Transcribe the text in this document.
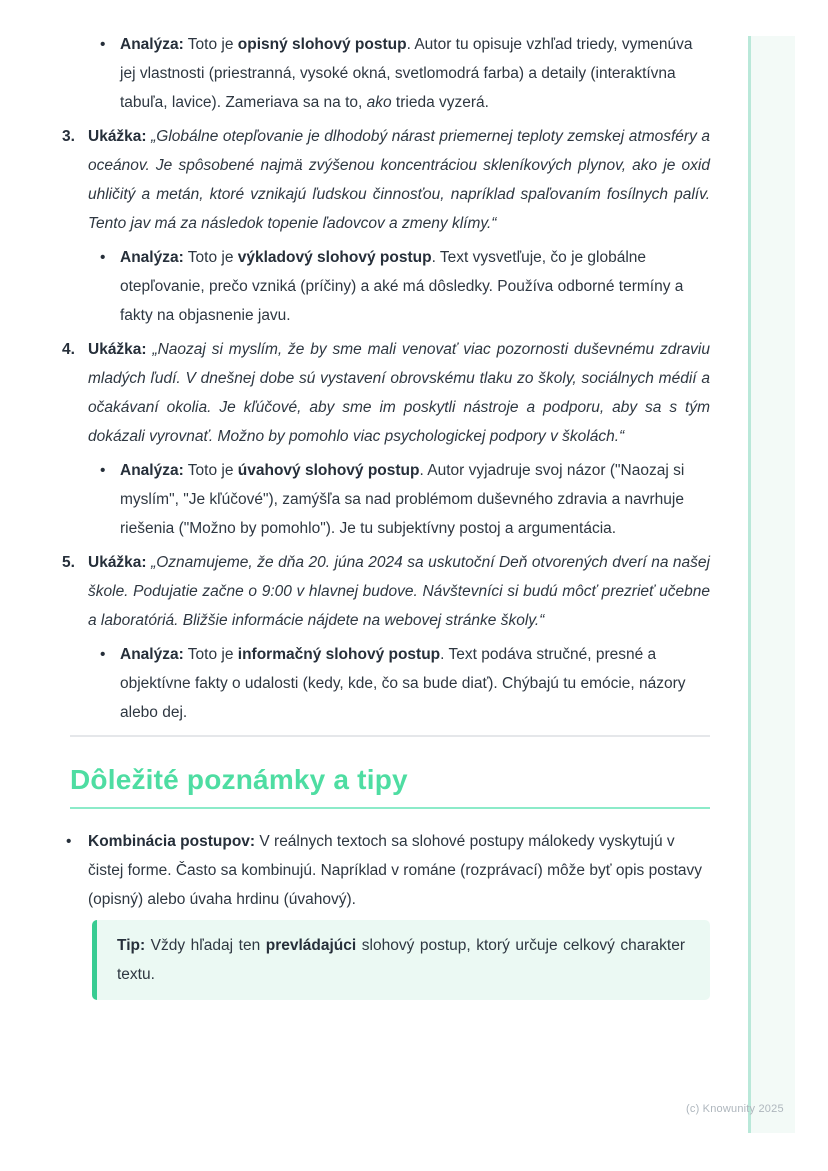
(c) Knowunity 2025
• Analýza: Toto je opisný slohový postup. Autor tu opisuje vzhľad triedy, vymenúva jej vlastnosti (priestranná, vysoké okná, svetlomodrá farba) a detaily (interaktívna tabuľa, lavice). Zameriava sa na to, ako trieda vyzerá.

3. Ukážka: „Globálne otepľovanie je dlhodobý nárast priemernej teploty zemskej atmosféry a oceánov. Je spôsobené najmä zvýšenou koncentráciou skleníkových plynov, ako je oxid uhličitý a metán, ktoré vznikajú ľudskou činnosťou, napríklad spaľovaním fosílnych palív. Tento jav má za následok topenie ľadovcov a zmeny klímy.“

• Analýza: Toto je výkladový slohový postup. Text vysvetľuje, čo je globálne otepľovanie, prečo vzniká (príčiny) a aké má dôsledky. Používa odborné termíny a fakty na objasnenie javu.

4. Ukážka: „Naozaj si myslím, že by sme mali venovať viac pozornosti duševnému zdraviu mladých ľudí. V dnešnej dobe sú vystavení obrovskému tlaku zo školy, sociálnych médií a očakávaní okolia. Je kľúčové, aby sme im poskytli nástroje a podporu, aby sa s tým dokázali vyrovnať. Možno by pomohlo viac psychologickej podpory v školách.“

• Analýza: Toto je úvahový slohový postup. Autor vyjadruje svoj názor ("Naozaj si myslím", "Je kľúčové"), zamýšľa sa nad problémom duševného zdravia a navrhuje riešenia ("Možno by pomohlo"). Je tu subjektívny postoj a argumentácia.

5. Ukážka: „Oznamujeme, že dňa 20. júna 2024 sa uskutoční Deň otvorených dverí na našej škole. Podujatie začne o 9:00 v hlavnej budove. Návštevníci si budú môcť prezrieť učebne a laboratóriá. Bližšie informácie nájdete na webovej stránke školy.“

• Analýza: Toto je informačný slohový postup. Text podáva stručné, presné a objektívne fakty o udalosti (kedy, kde, čo sa bude diať). Chýbajú tu emócie, názory alebo dej.

Dôležité poznámky a tipy
•	Kombinácia postupov: V reálnych textoch sa slohové postupy málokedy vyskytujú v čistej forme. Často sa kombinujú. Napríklad v románe (rozprávací) môže byť opis postavy (opisný) alebo úvaha hrdinu (úvahový).

Tip: Vždy hľadaj ten prevládajúci slohový postup, ktorý určuje celkový charakter textu.
